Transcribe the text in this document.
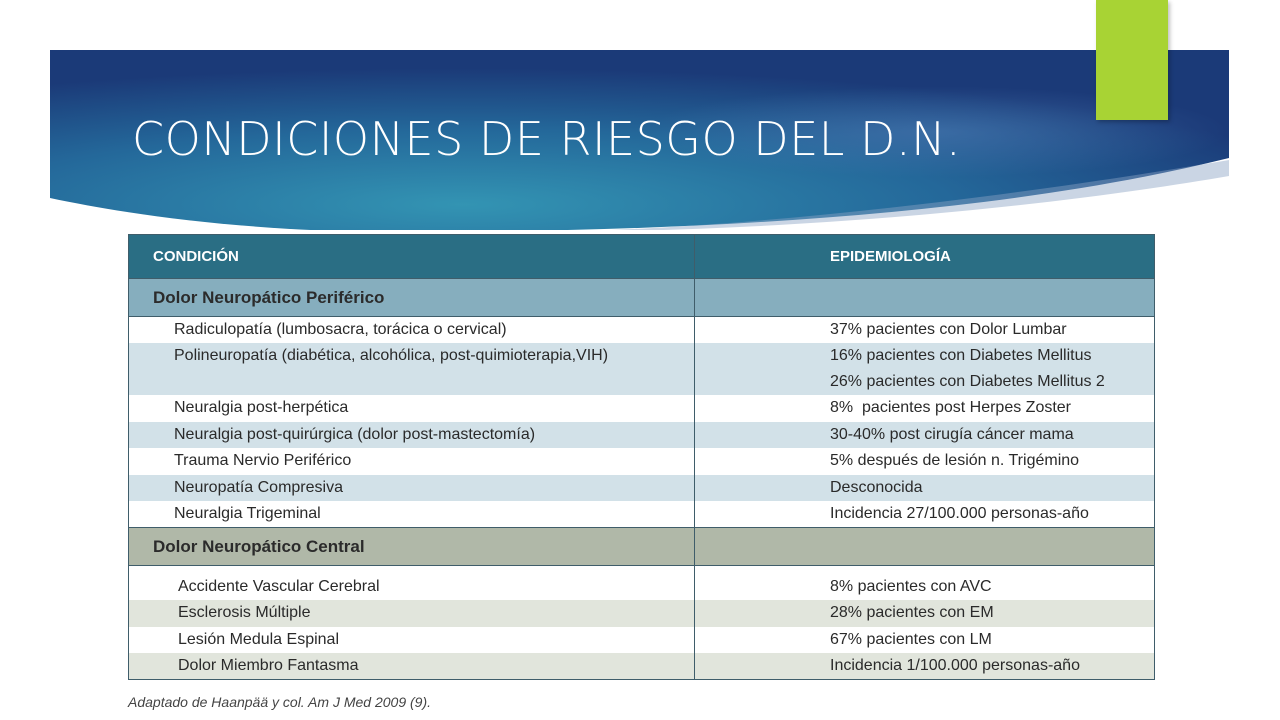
CONDICIONES DE RIESGO DEL D.N.
CONDICIÓN	EPIDEMIOLOGÍA
Dolor Neuropático Periférico	
Radiculopatía (lumbosacra, torácica o cervical)	37% pacientes con Dolor Lumbar
Polineuropatía (diabética, alcohólica, post-quimioterapia,VIH)	16% pacientes con Diabetes Mellitus
26% pacientes con Diabetes Mellitus 2

Neuralgia post-herpética	8%  pacientes post Herpes Zoster
Neuralgia post-quirúrgica (dolor post-mastectomía)	30-40% post cirugía cáncer mama
Trauma Nervio Periférico	5% después de lesión n. Trigémino
Neuropatía Compresiva	Desconocida
Neuralgia Trigeminal	Incidencia 27/100.000 personas-año
Dolor Neuropático Central	

Accidente Vascular Cerebral	8% pacientes con AVC
Esclerosis Múltiple	28% pacientes con EM
Lesión Medula Espinal	67% pacientes con LM
Dolor Miembro Fantasma	Incidencia 1/100.000 personas-año
Adaptado de Haanpää y col. Am J Med 2009 (9).
